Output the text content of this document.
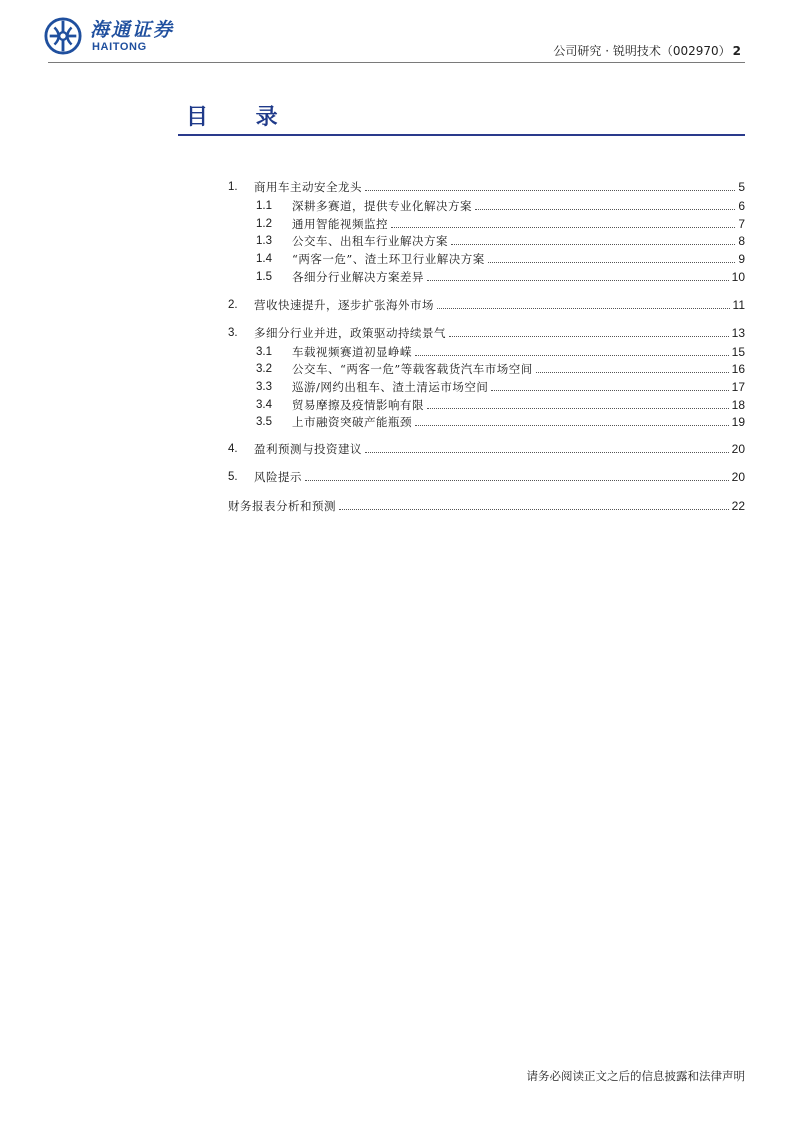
海通证券
HAITONG	公司研究 · 锐明技术（002970） 2
目 录
1.	商用车主动安全龙头	5
1.1	深耕多赛道，提供专业化解决方案	6
1.2	通用智能视频监控	7
1.3	公交车、出租车行业解决方案	8
1.4	“两客一危”、渣土环卫行业解决方案	9
1.5	各细分行业解决方案差异	10
2.	营收快速提升，逐步扩张海外市场	11
3.	多细分行业并进，政策驱动持续景气	13
3.1	车载视频赛道初显峥嵘	15
3.2	公交车、“两客一危”等载客载货汽车市场空间	16
3.3	巡游/网约出租车、渣土清运市场空间	17
3.4	贸易摩擦及疫情影响有限	18
3.5	上市融资突破产能瓶颈	19
4.	盈利预测与投资建议	20
5.	风险提示	20
财务报表分析和预测	22
请务必阅读正文之后的信息披露和法律声明
